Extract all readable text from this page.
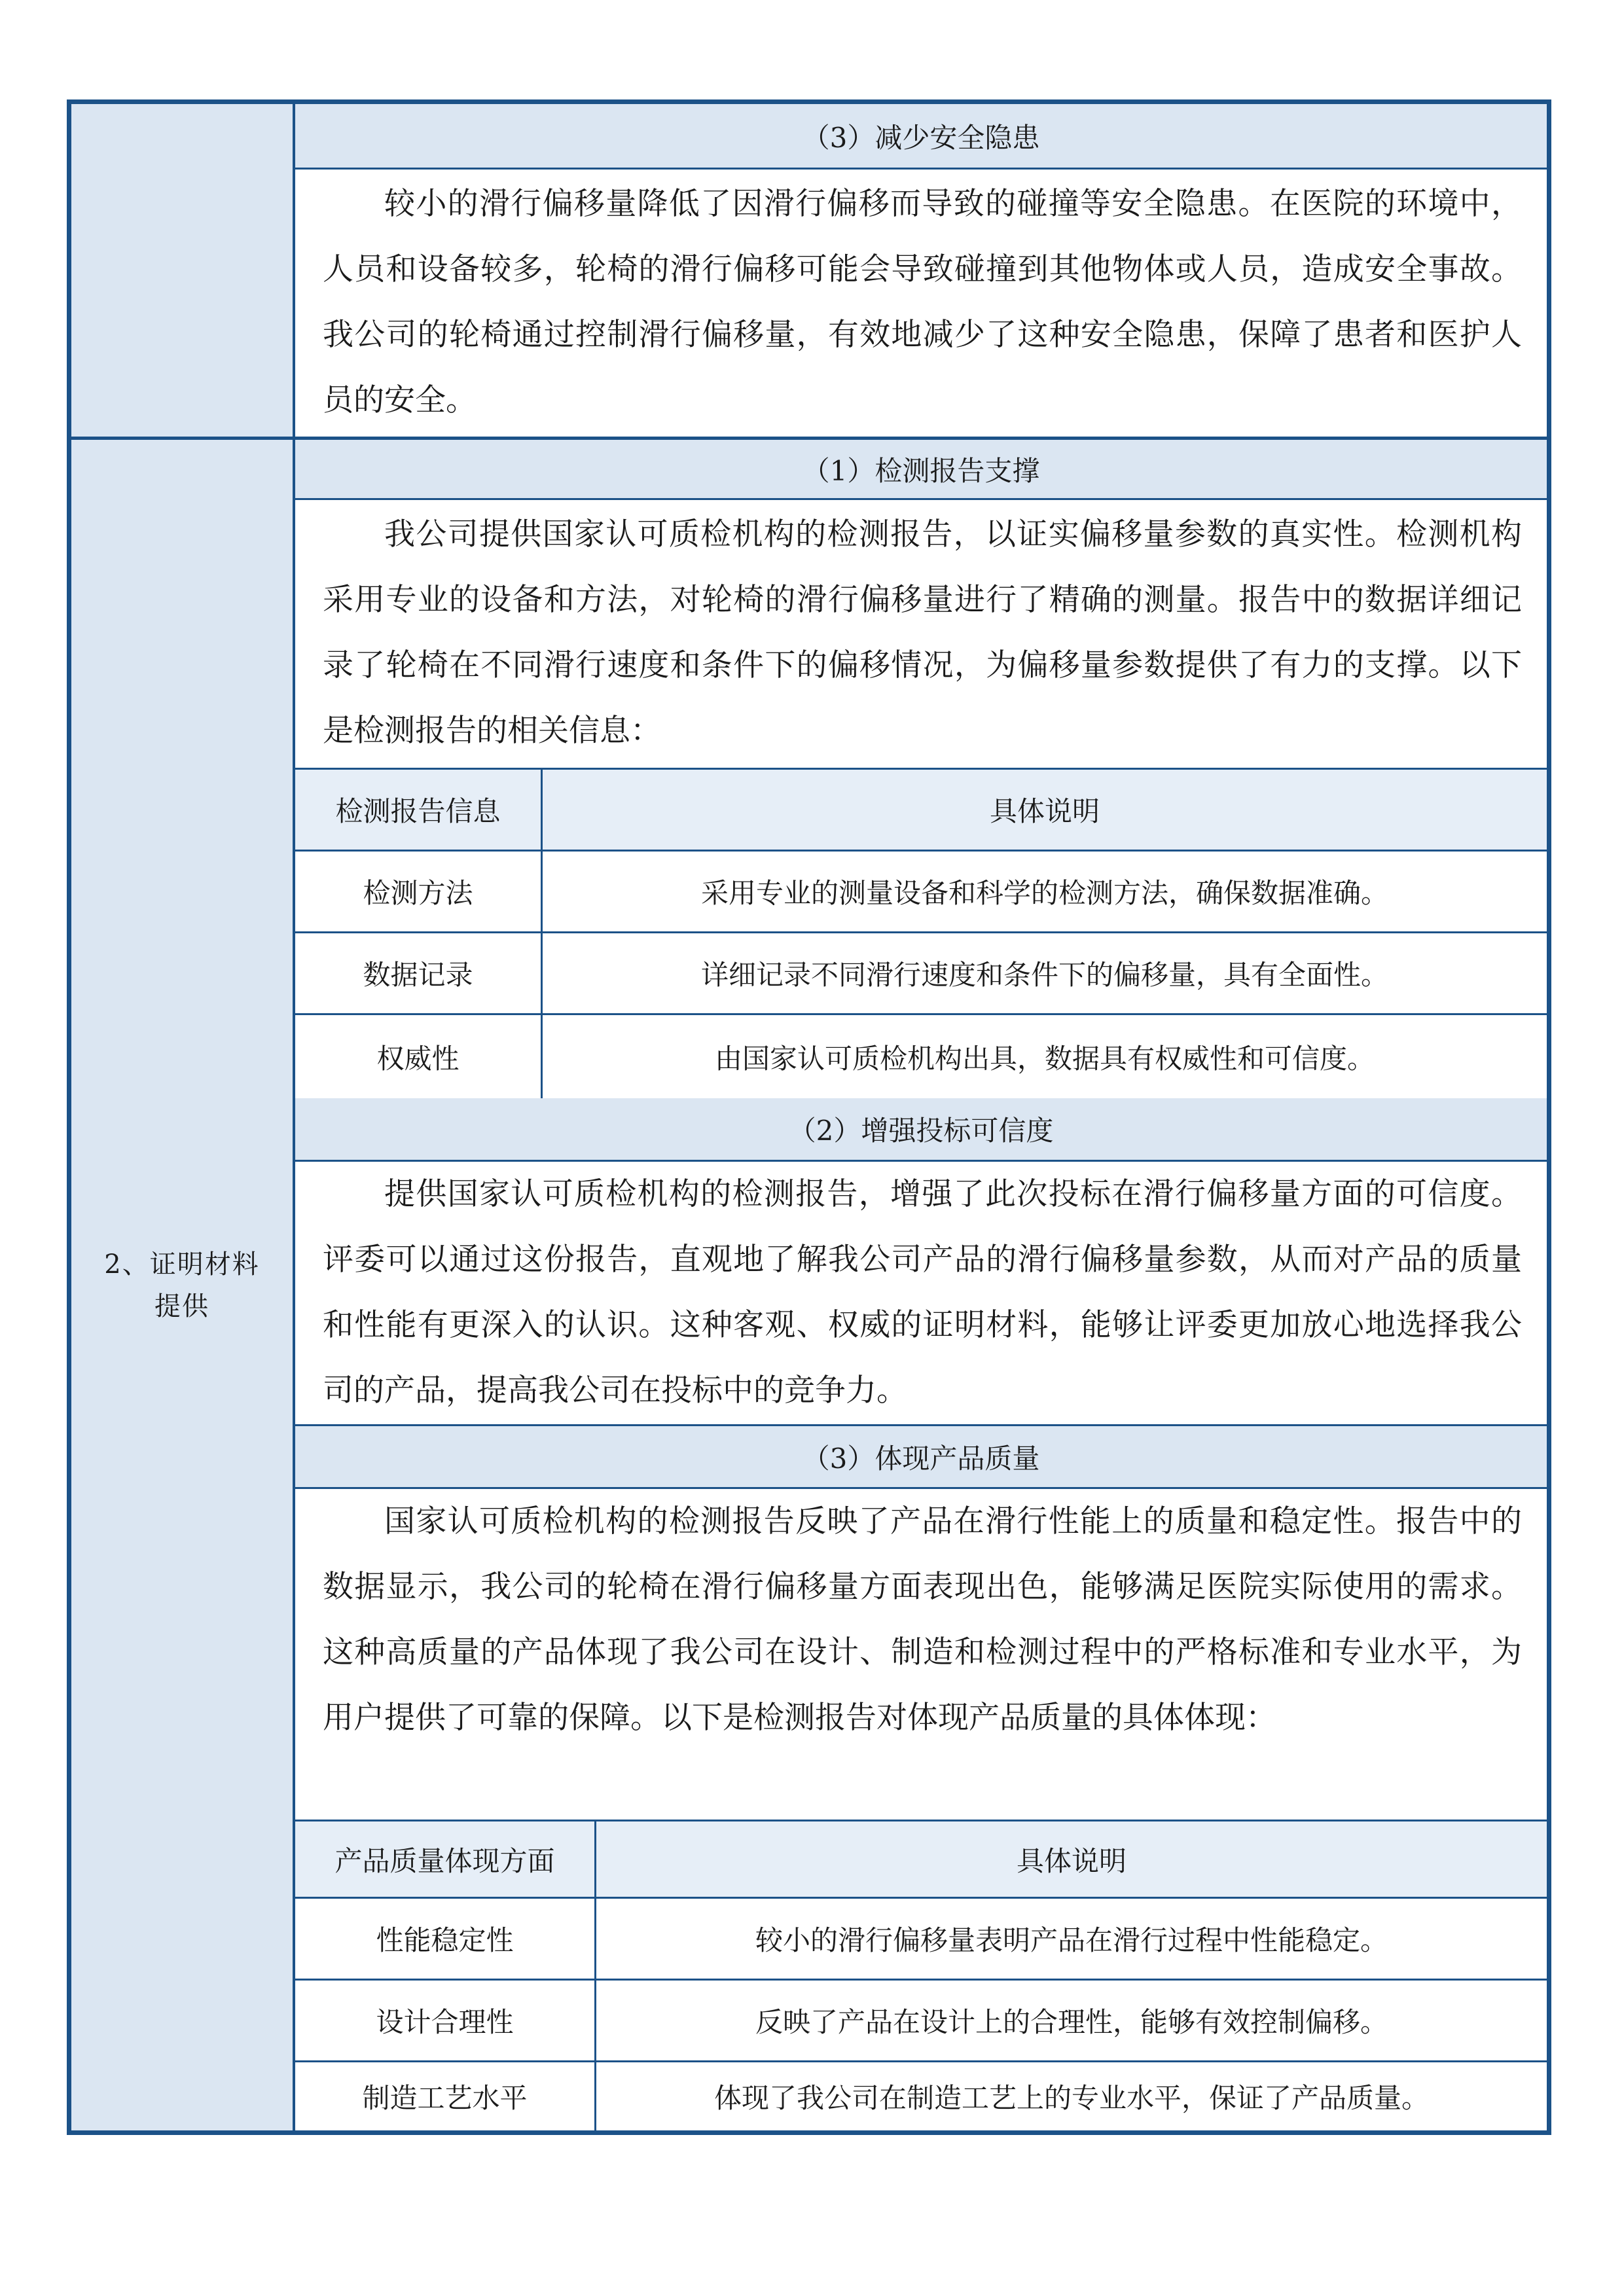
（3）减少安全隐患
较小的滑行偏移量降低了因滑行偏移而导致的碰撞等安全隐患。在医院的环境中，人员和设备较多，轮椅的滑行偏移可能会导致碰撞到其他物体或人员，造成安全事故。我公司的轮椅通过控制滑行偏移量，有效地减少了这种安全隐患，保障了患者和医护人员的安全。
2、证明材料提供
（1）检测报告支撑
我公司提供国家认可质检机构的检测报告，以证实偏移量参数的真实性。检测机构采用专业的设备和方法，对轮椅的滑行偏移量进行了精确的测量。报告中的数据详细记录了轮椅在不同滑行速度和条件下的偏移情况，为偏移量参数提供了有力的支撑。以下是检测报告的相关信息：
检测报告信息	具体说明
检测方法	采用专业的测量设备和科学的检测方法，确保数据准确。
数据记录	详细记录不同滑行速度和条件下的偏移量，具有全面性。
权威性	由国家认可质检机构出具，数据具有权威性和可信度。
（2）增强投标可信度
提供国家认可质检机构的检测报告，增强了此次投标在滑行偏移量方面的可信度。评委可以通过这份报告，直观地了解我公司产品的滑行偏移量参数，从而对产品的质量和性能有更深入的认识。这种客观、权威的证明材料，能够让评委更加放心地选择我公司的产品，提高我公司在投标中的竞争力。
（3）体现产品质量
国家认可质检机构的检测报告反映了产品在滑行性能上的质量和稳定性。报告中的数据显示，我公司的轮椅在滑行偏移量方面表现出色，能够满足医院实际使用的需求。这种高质量的产品体现了我公司在设计、制造和检测过程中的严格标准和专业水平，为用户提供了可靠的保障。以下是检测报告对体现产品质量的具体体现：
产品质量体现方面	具体说明
性能稳定性	较小的滑行偏移量表明产品在滑行过程中性能稳定。
设计合理性	反映了产品在设计上的合理性，能够有效控制偏移。
制造工艺水平	体现了我公司在制造工艺上的专业水平，保证了产品质量。
